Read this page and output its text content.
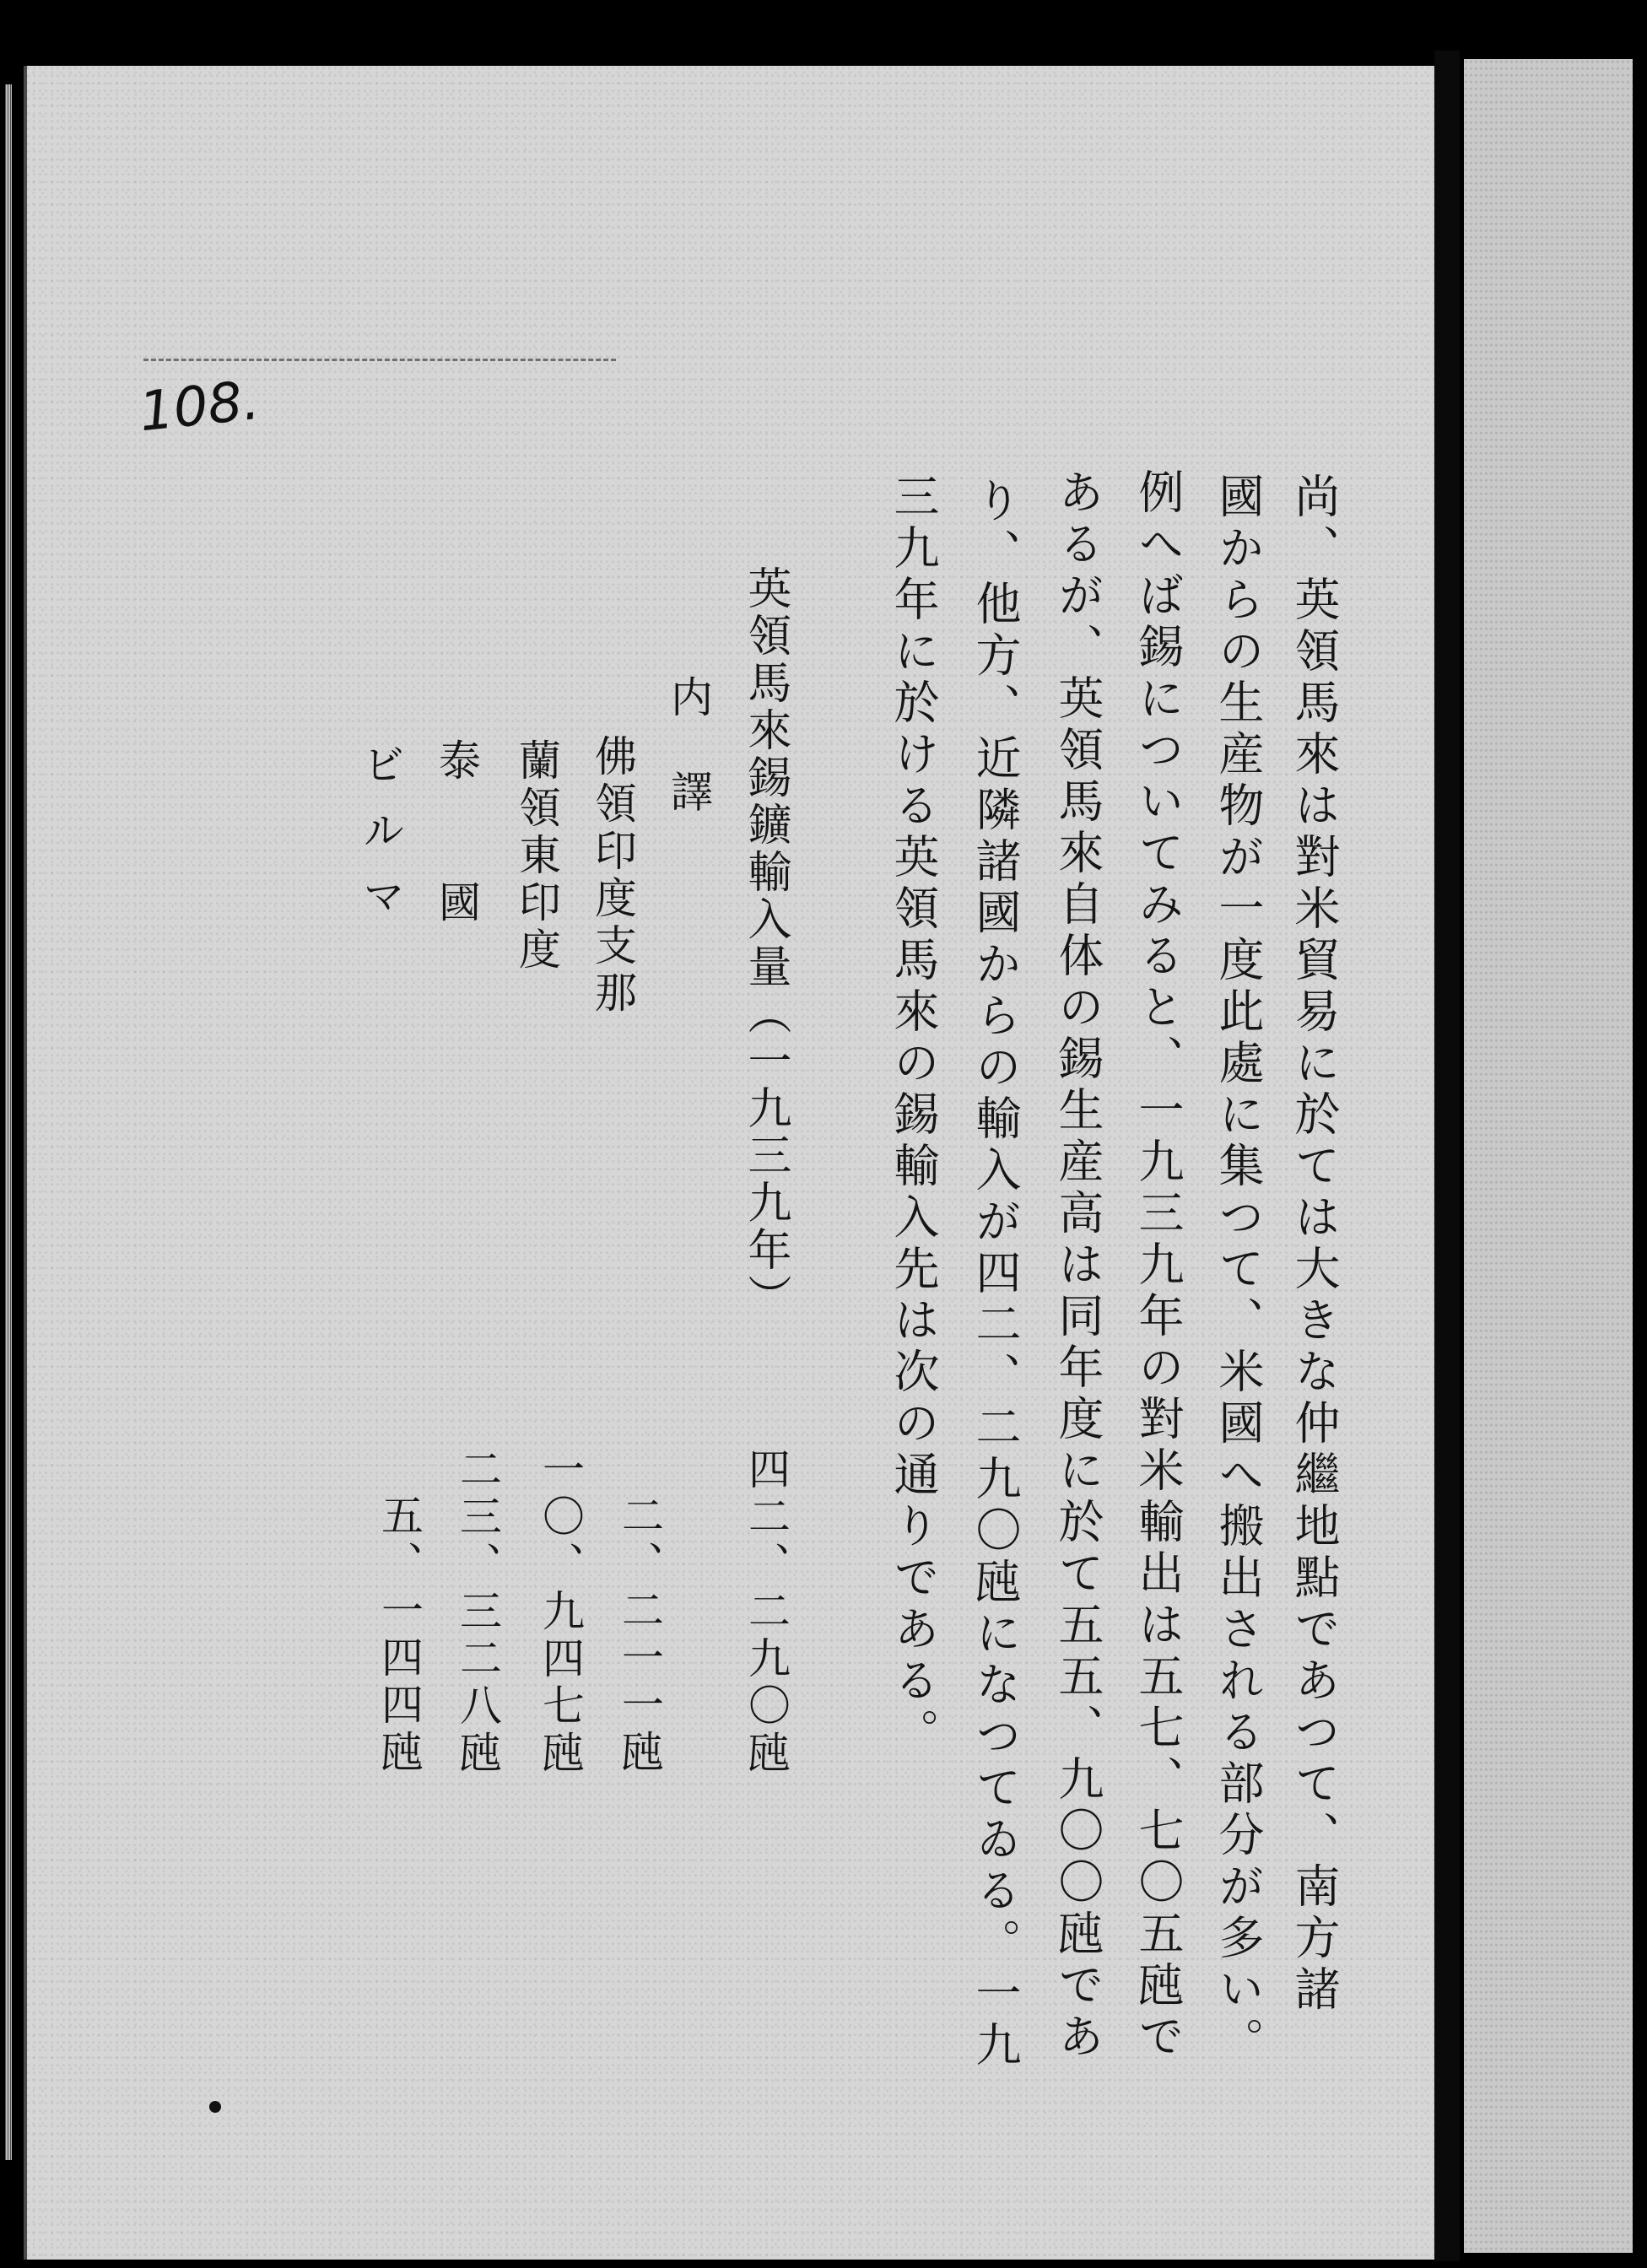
108.
尚、英領馬來は對米貿易に於ては大きな仲繼地點であつて、南方諸
國からの生産物が一度此處に集つて、米國へ搬出される部分が多い。
例へば錫についてみると、一九三九年の對米輸出は五七、七〇五瓲で
あるが、英領馬來自体の錫生産高は同年度に於て五五、九〇〇瓲であ
り、他方、近隣諸國からの輸入が四二、二九〇瓲になつてゐる。一九
三九年に於ける英領馬來の錫輸入先は次の通りである。
英領馬來錫鑛輸入量（一九三九年）
四二、二九〇瓲
内　譯
佛領印度支那
蘭領東印度
泰　　國
ビ ル マ
二、二一一瓲
一〇、九四七瓲
二三、三二八瓲
五、一四四瓲
